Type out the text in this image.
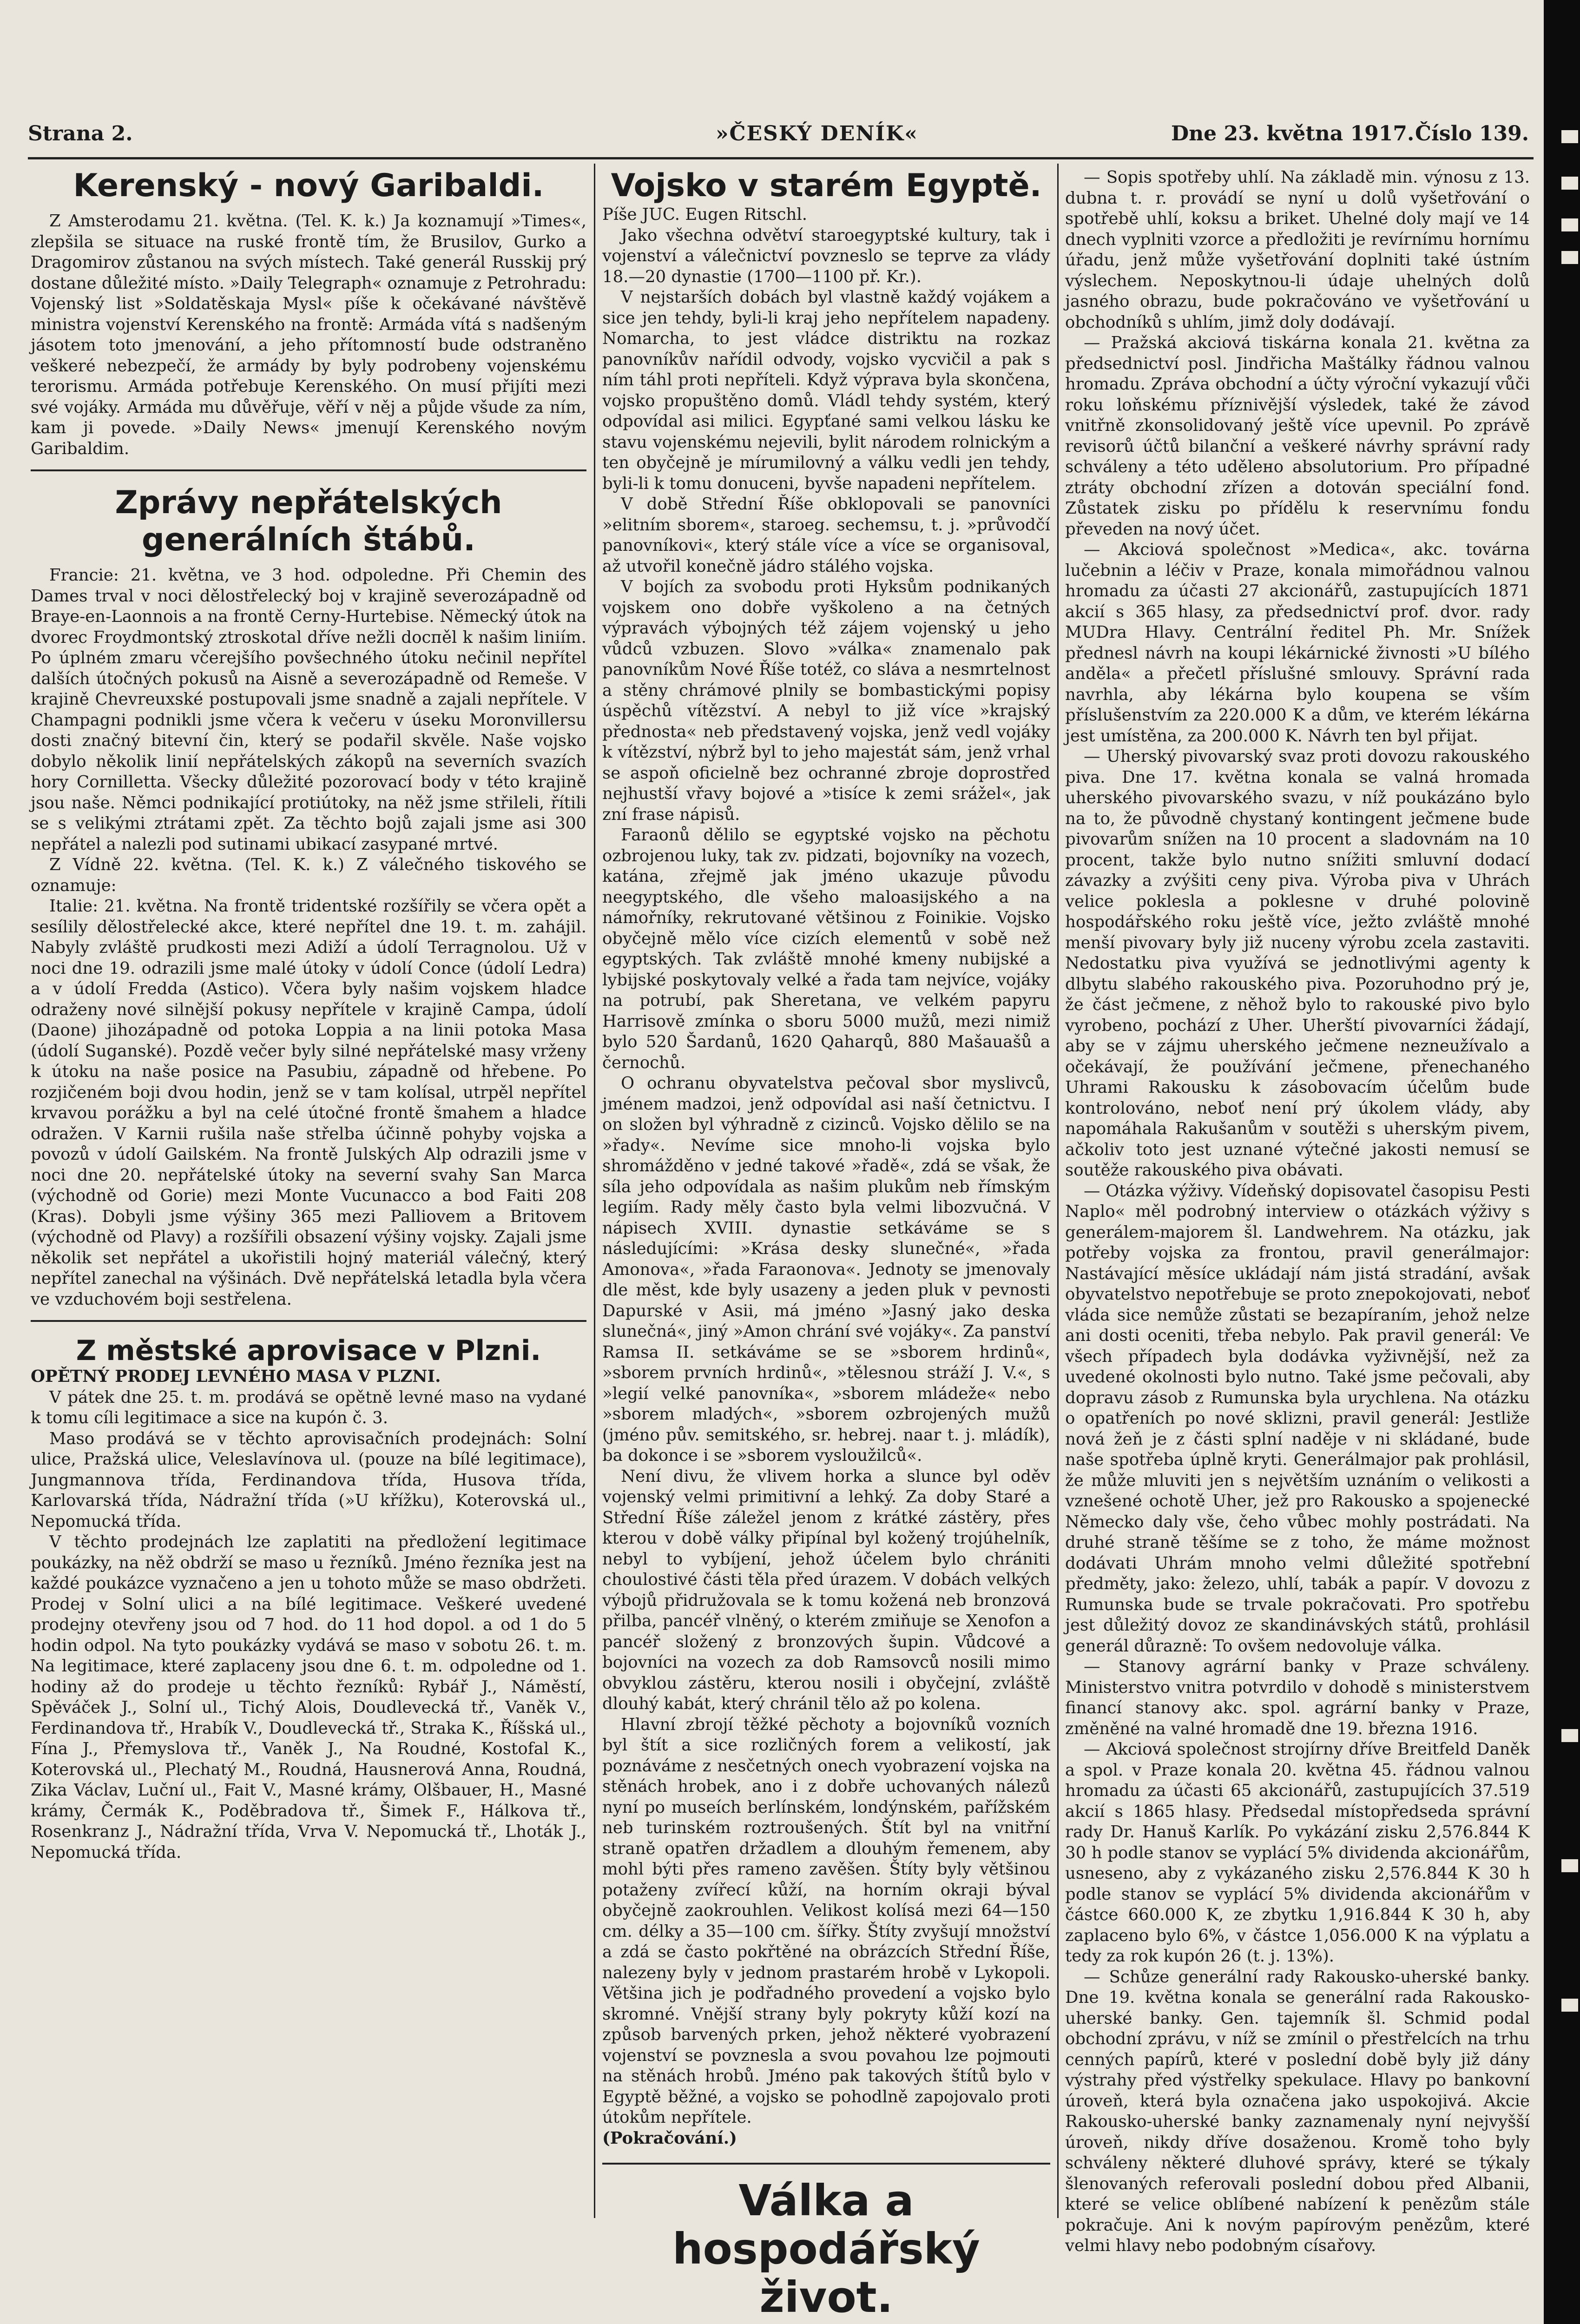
Strana 2.	»ČESKÝ DENÍK«	Dne 23. května 1917. Číslo 139.
Kerenský - nový Garibaldi.

Z Amsterodamu 21. května. (Tel. K. k.) Ja koznamují »Times«, zlepšila se situace na ruské frontě tím, že Brusilov, Gurko a Dragomirov zůstanou na svých místech. Také generál Russkij prý dostane důležité místo. »Daily Telegraph« oznamuje z Petrohradu: Vojenský list »Soldatěskaja Mysl« píše k očekávané návštěvě ministra vojenství Kerenského na frontě: Armáda vítá s nadšeným jásotem toto jmenování, a jeho přítomností bude odstraněno veškeré nebezpečí, že armády by byly podrobeny vojenskému terorismu. Armáda potřebuje Kerenského. On musí přijíti mezi své vojáky. Armáda mu důvěřuje, věří v něj a půjde všude za ním, kam ji povede. »Daily News« jmenují Kerenského novým Garibaldim.

Zprávy nepřátelských generálních štábů.

Francie: 21. května, ve 3 hod. odpoledne. Při Chemin des Dames trval v noci dělostřelecký boj v krajině severozápadně od Braye-en-Laonnois a na frontě Cerny-Hurtebise. Německý útok na dvorec Froydmontský ztroskotal dříve nežli doспěl k našim liniím. Po úplném zmaru včerejšího povšechného útoku nečinil nepřítel dalších útočných pokusů na Aisně a severozápadně od Remeše. V krajině Chevreuxské postupovali jsme snadně a zajali nepřítele. V Champagni podnikli jsme včera k večeru v úseku Moronvillersu dosti značný bitevní čin, který se podařil skvěle. Naše vojsko dobylo několik linií nepřátelských zákopů na severních svazích hory Cornilletta. Všecky důležité pozorovací body v této krajině jsou naše. Němci podnikající protiútoky, na něž jsme střileli, řítili se s velikými ztrátami zpět. Za těchto bojů zajali jsme asi 300 nepřátel a nalezli pod sutinami ubikací zasypané mrtvé.

Z Vídně 22. května. (Tel. K. k.) Z válečného tiskového se oznamuje:

Italie: 21. května. Na frontě tridentské rozšířily se včera opět a sesílily dělostřelecké akce, které nepřítel dne 19. t. m. zahájil. Nabyly zvláště prudkosti mezi Adiží a údolí Terragnolou. Už v noci dne 19. odrazili jsme malé útoky v údolí Conce (údolí Ledra) a v údolí Fredda (Astico). Včera byly našim vojskem hladce odraženy nové silnější pokusy nepřítele v krajině Campa, údolí (Daone) jihozápadně od potoka Loppia a na linii potoka Masa (údolí Suganské). Pozdě večer byly silné nepřátelské masy vrženy k útoku na naše posice na Pasubiu, západně od hřebene. Po rozjičeném boji dvou hodin, jenž se v tam kolísal, utrpěl nepřítel krvavou porážku a byl na celé útočné frontě šmahem a hladce odražen. V Karnii rušila naše střelba účinně pohyby vojska a povozů v údolí Gailském. Na frontě Julských Alp odrazili jsme v noci dne 20. nepřátelské útoky na severní svahy San Marca (východně od Gorie) mezi Monte Vucunacco a bod Faiti 208 (Kras). Dobyli jsme výšiny 365 mezi Palliovem a Britovem (východně od Plavy) a rozšířili obsazení výšiny vojsky. Zajali jsme několik set nepřátel a ukořistili hojný materiál válečný, který nepřítel zanechal na výšinách. Dvě nepřátelská letadla byla včera ve vzduchovém boji sestřelena.

Z městské aprovisace v Plzni.

OPĚTNÝ PRODEJ LEVNÉHO MASA V PLZNI.

V pátek dne 25. t. m. prodává se opětně levné maso na vydané k tomu cíli legitimace a sice na kupón č. 3.

Maso prodává se v těchto aprovisačních prodejnách: Solní ulice, Pražská ulice, Veleslavínova ul. (pouze na bílé legitimace), Jungmannova třída, Ferdinandova třída, Husova třída, Karlovarská třída, Nádražní třída (»U křížku), Koterovská ul., Nepomucká třída.

V těchto prodejnách lze zaplatiti na předložení legitimace poukázky, na něž obdrží se maso u řezníků. Jméno řezníka jest na každé poukázce vyznačeno a jen u tohoto může se maso obdržeti. Prodej v Solní ulici a na bílé legitimace. Veškeré uvedené prodejny otevřeny jsou od 7 hod. do 11 hod dopol. a od 1 do 5 hodin odpol. Na tyto poukázky vydává se maso v sobotu 26. t. m. Na legitimace, které zaplaceny jsou dne 6. t. m. odpoledne od 1. hodiny až do prodeje u těchto řezníků: Rybář J., Náměstí, Spěváček J., Solní ul., Tichý Alois, Doudlevecká tř., Vaněk V., Ferdinandova tř., Hrabík V., Doudlevecká tř., Straka K., Říšská ul., Fína J., Přemyslova tř., Vaněk J., Na Roudné, Kostofal K., Koterovská ul., Plechatý M., Roudná, Hausnerová Anna, Roudná, Zika Václav, Luční ul., Fait V., Masné krámy, Olšbauer, H., Masné krámy, Čermák K., Poděbradova tř., Šimek F., Hálkova tř., Rosenkranz J., Nádražní třída, Vrva V. Nepomucká tř., Lhoták J., Nepomucká třída.

Vojsko v starém Egyptě.

Píše JUC. Eugen Ritschl.

Jako všechna odvětví staroegyptské kultury, tak i vojenství a válečnictví povzneslo se teprve za vlády 18.—20 dynastie (1700—1100 př. Kr.).

V nejstarších dobách byl vlastně každý vojákem a sice jen tehdy, byli-li kraj jeho nepřítelem napadeny. Nomarcha, to jest vládce distriktu na rozkaz panovníkův nařídil odvody, vojsko vycvičil a pak s ním táhl proti nepříteli. Když výprava byla skončena, vojsko propuštěno domů. Vládl tehdy systém, který odpovídal asi milici. Egypťané sami velkou lásku ke stavu vojenskému nejevili, bylit národem rolnickým a ten obyčejně je mírumilovný a válku vedli jen tehdy, byli-li k tomu donuceni, byvše napadeni nepřítelem.

V době Střední Říše obklopovali se panovníci »elitním sborem«, staroeg. sechemsu, t. j. »průvodčí panovníkovi«, který stále více a více se organisoval, až utvořil konečně jádro stálého vojska.

V bojích za svobodu proti Hyksům podnikaných vojskem ono dobře vyškoleno a na četných výpravách výbojných též zájem vojenský u jeho vůdců vzbuzen. Slovo »válka« znamenalo pak panovníkům Nové Říše totéž, co sláva a nesmrtelnost a stěny chrámové plnily se bombastickými popisy úspěchů vítězství. A nebyl to již více »krajský přednosta« neb představený vojska, jenž vedl vojáky k vítězství, nýbrž byl to jeho majestát sám, jenž vrhal se aspoň oficielně bez ochranné zbroje doprostřed nejhustší vřavy bojové a »tisíce k zemi srážel«, jak zní frase nápisů.

Faraonů dělilo se egyptské vojsko na pěchotu ozbrojenou luky, tak zv. pidzati, bojovníky na vozech, katána, zřejmě jak jméno ukazuje původu neegyptského, dle všeho maloasijského a na námořníky, rekrutované většinou z Foinikie. Vojsko obyčejně mělo více cizích elementů v sobě než egyptských. Tak zvláště mnohé kmeny nubijské a lybijské poskytovaly velké a řada tam nejvíce, vojáky na potrubí, pak Sheretana, ve velkém papyru Harrisově zmínka o sboru 5000 mužů, mezi nimiž bylo 520 Šardanů, 1620 Qaharqů, 880 Mašauašů a černochů.

O ochranu obyvatelstva pečoval sbor myslivců, jménem madzoi, jenž odpovídal asi naší četnictvu. I on složen byl výhradně z cizinců. Vojsko dělilo se na »řady«. Nevíme sice mnoho-li vojska bylo shromážděno v jedné takové »řadě«, zdá se však, že síla jeho odpovídala as našim plukům neb římským legiím. Rady měly často byla velmi libozvučná. V nápisech XVIII. dynastie setkáváme se s následujícími: »Krása desky slunečné«, »řada Amonova«, »řada Faraonova«. Jednoty se jmenovaly dle měst, kde byly usazeny a jeden pluk v pevnosti Dapurské v Asii, má jméno »Jasný jako deska slunečná«, jiný »Amon chrání své vojáky«. Za panství Ramsa II. setkáváme se se »sborem hrdinů«, »sborem prvních hrdinů«, »tělesnou stráží J. V.«, s »legií velké panovníka«, »sborem mládeže« nebo »sborem mladých«, »sborem ozbrojených mužů (jméno pův. semitského, sr. hebrej. naar t. j. mládík), ba dokonce i se »sborem vysloužilců«.

Není divu, že vlivem horka a slunce byl oděv vojenský velmi primitivní a lehký. Za doby Staré a Střední Říše záležel jenom z krátké zástěry, přes kterou v době války připínal byl kožený trojúhelník, nebyl to vybíjení, jehož účelem bylo chrániti choulostivé části těla před úrazem. V dobách velkých výbojů přidružovala se k tomu kožená neb bronzová přilba, pancéř vlněný, o kterém zmiňuje se Xenofon a pancéř složený z bronzových šupin. Vůdcové a bojovníci na vozech za dob Ramsovců nosili mimo obvyklou zástěru, kterou nosili i obyčejní, zvláště dlouhý kabát, který chránil tělo až po kolena.

Hlavní zbrojí těžké pěchoty a bojovníků vozních byl štít a sice rozličných forem a velikostí, jak poznáváme z nesčetných onech vyobrazení vojska na stěnách hrobek, ano i z dobře uchovaných nálezů nyní po museích berlínském, londýnském, pařížském neb turinském roztroušených. Štít byl na vnitřní straně opatřen držadlem a dlouhým řemenem, aby mohl býti přes rameno zavěšen. Štíty byly většinou potaženy zvířecí kůží, na horním okraji býval obyčejně zaokrouhlen. Velikost kolísá mezi 64—150 cm. délky a 35—100 cm. šířky. Štíty zvyšují množství a zdá se často pokřtěné na obrázcích Střední Říše, nalezeny byly v jednom prastarém hrobě v Lykopoli. Většina jich je podřadného provedení a vojsko bylo skromné. Vnější strany byly pokryty kůží kozí na způsob barvených prken, jehož některé vyobrazení vojenství se povznesla a svou povahou lze pojmouti na stěnách hrobů. Jméno pak takových štítů bylo v Egyptě běžné, a vojsko se pohodlně zapojovalo proti útokům nepřítele.

(Pokračování.)

Válka a hospodářský život.

— Sopis spotřeby uhlí. Na základě min. výnosu z 13. dubna t. r. provádí se nyní u dolů vyšetřování o spotřebě uhlí, koksu a briket. Uhelné doly mají ve 14 dnech vyplniti vzorce a předložiti je revírnímu hornímu úřadu, jenž může vyšetřování doplniti také ústním výslechem. Neposkytnou-li údaje uhelných dolů jasného obrazu, bude pokračováno ve vyšetřování u obchodníků s uhlím, jimž doly dodávají.

— Pražská akciová tiskárna konala 21. května za předsednictví posl. Jindřicha Maštálky řádnou valnou hromadu. Zpráva obchodní a účty výroční vykazují vůči roku loňskému příznivější výsledek, také že závod vnitřně zkonsolidovaný ještě více upevnil. Po zprávě revisorů účtů bilanční a veškeré návrhy správní rady schváleny a této udělено absolutorium. Pro případné ztráty obchodní zřízen a dotován speciální fond. Zůstatek zisku po přídělu k reservnímu fondu převeden na nový účet.

— Akciová společnost »Medica«, akc. továrna lučebnin a léčiv v Praze, konala mimořádnou valnou hromadu za účasti 27 akcionářů, zastupujících 1871 akcií s 365 hlasy, za předsednictví prof. dvor. rady MUDra Hlavy. Centrální ředitel Ph. Mr. Snížek přednesl návrh na koupi lékárnické živnosti »U bílého anděla« a přečetl příslušné smlouvy. Správní rada navrhla, aby lékárna bylo koupena se vším příslušenstvím za 220.000 K a dům, ve kterém lékárna jest umístěna, za 200.000 K. Návrh ten byl přijat.

— Uherský pivovarský svaz proti dovozu rakouského piva. Dne 17. května konala se valná hromada uherského pivovarského svazu, v níž poukázáno bylo na to, že původně chystaný kontingent ječmene bude pivovarům snížen na 10 procent a sladovnám na 10 procent, takže bylo nutno snížiti smluvní dodací závazky a zvýšiti ceny piva. Výroba piva v Uhrách velice poklesla a poklesne v druhé polovině hospodářského roku ještě více, ježto zvláště mnohé menší pivovary byly již nuceny výrobu zcela zastaviti. Nedostatku piva využívá se jednotlivými agenty k dlbytu slabého rakouského piva. Pozoruhodno prý je, že část ječmene, z něhož bylo to rakouské pivo bylo vyrobeno, pochází z Uher. Uherští pivovarníci žádají, aby se v zájmu uherského ječmene nezneužívalo a očekávají, že používání ječmene, přeneсhaného Uhrami Rakousku k zásobovacím účelům bude kontrolováno, neboť není prý úkolem vlády, aby napomáhala Rakušanům v soutěži s uherským pivem, ačkoliv toto jest uznané výtečné jakosti nemusí se soutěže rakouského piva obávati.

— Otázka výživy. Vídeňský dopisovatel časopisu Pesti Naplo« měl podrobný interview o otázkách výživy s generálem-majorem šl. Landwehrem. Na otázku, jak potřeby vojska za frontou, pravil generálmajor: Nastávající měsíce ukládají nám jistá stradání, avšak obyvatelstvo nepotřebuje se proto znepokojovati, neboť vláda sice nemůže zůstati se bezapíraním, jehož nelze ani dosti oceniti, třeba nebylo. Pak pravil generál: Ve všech případech byla dodávka vyživnější, než za uvedené okolnosti bylo nutno. Také jsme pečovali, aby dopravu zásob z Rumunska byla urychlena. Na otázku o opatřeních po nové sklizni, pravil generál: Jestliže nová žeň je z části splní naděje v ni skládané, bude naše spotřeba úplně kryti. Generálmajor pak prohlásil, že může mluviti jen s největším uznáním o velikosti a vznešené ochotě Uher, jež pro Rakousko a spojenecké Německo daly vše, čeho vůbec mohly postrádati. Na druhé straně těšíme se z toho, že máme možnost dodávati Uhrám mnoho velmi důležité spotřební předměty, jako: železo, uhlí, tabák a papír. V dovozu z Rumunska bude se trvale pokračovati. Pro spotřebu jest důležitý dovoz ze skandinávských států, prohlásil generál důrazně: To ovšem nedovoluje válka.

— Stanovy agrární banky v Praze schváleny. Ministerstvo vnitra potvrdilo v dohodě s ministerstvem financí stanovy akc. spol. agrární banky v Praze, změněné na valné hromadě dne 19. března 1916.

— Akciová společnost strojírny dříve Breitfeld Daněk a spol. v Praze konala 20. května 45. řádnou valnou hromadu za účasti 65 akcionářů, zastupujících 37.519 akcií s 1865 hlasy. Předsedal místopředseda správní rady Dr. Hanuš Karlík. Po vykázání zisku 2,576.844 K 30 h podle stanov se vyplácí 5% dividenda akcionářům, usneseno, aby z vykázaného zisku 2,576.844 K 30 h podle stanov se vyplácí 5% dividenda akcionářům v částce 660.000 K, ze zbytku 1,916.844 K 30 h, aby zaplaceno bylo 6%, v částce 1,056.000 K na výplatu a tedy za rok kupón 26 (t. j. 13%).

— Schůze generální rady Rakousko-uherské banky. Dne 19. května konala se generální rada Rakousko-uherské banky. Gen. tajemník šl. Schmid podal obchodní zprávu, v níž se zmínil o přestřelcích na trhu cenných papírů, které v poslední době byly již dány výstrahy před výstřelky spekulace. Hlavy po bankovní úroveň, která byla označena jako uspokojivá. Akcie Rakousko-uherské banky zaznamenaly nyní nejvyšší úroveň, nikdy dříve dosaženou. Kromě toho byly schváleny některé dluhové správy, které se týkaly šlenovaných referovali poslední dobou před Albanii, které se velice oblíbené nabízení k penězům stále pokračuje. Ani k novým papírovým penězům, které velmi hlavy nebo podobným císařovy.
